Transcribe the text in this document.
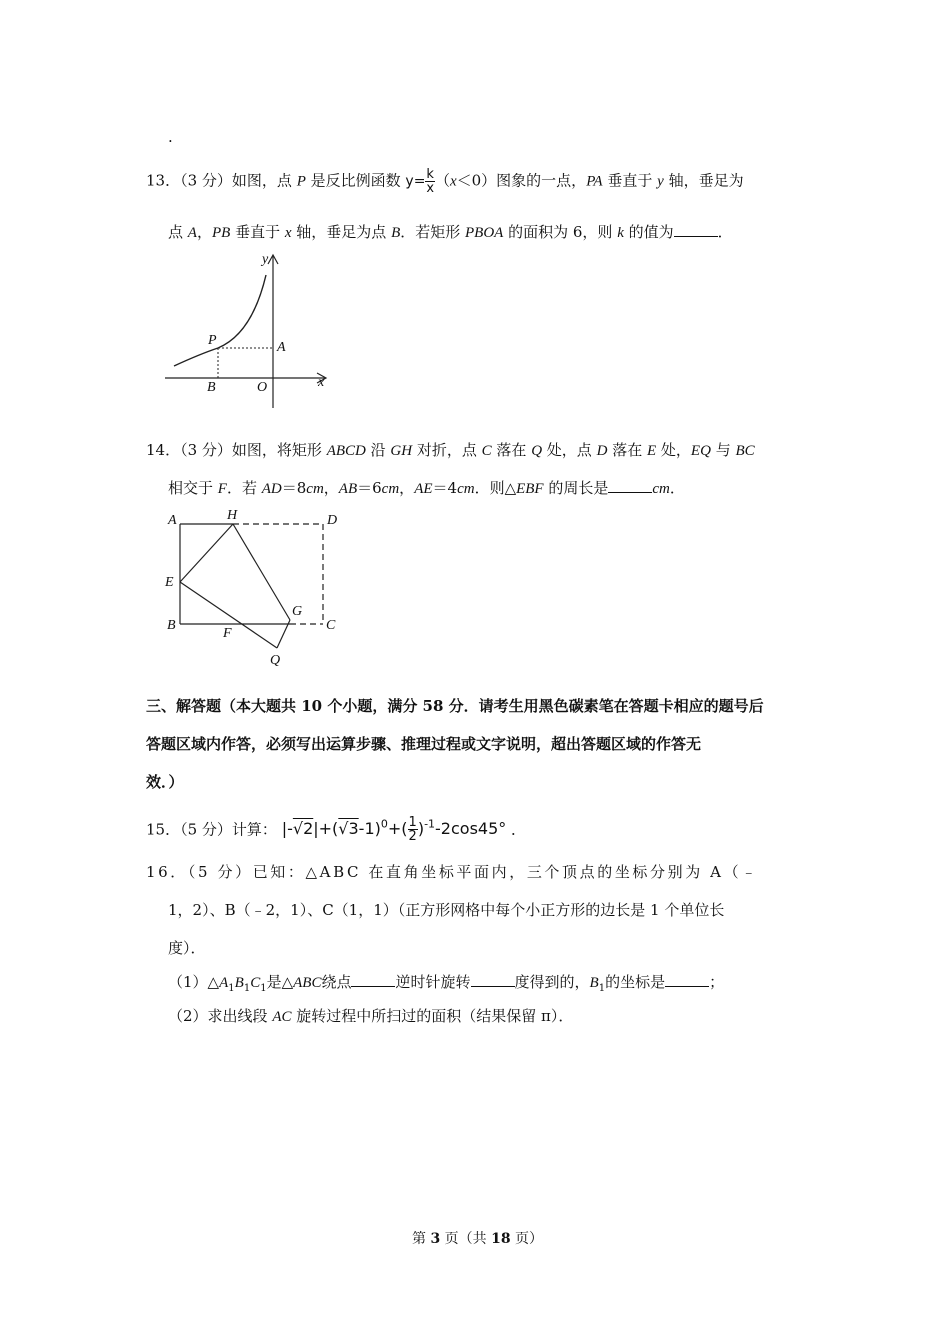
.
13．（3 分）如图，点 P 是反比例函数 $y= \frac{k}{x} (x<0)$图象的一点，PA 垂直于 y 轴，垂足为
点 A，PB 垂直于 x 轴，垂足为点 B．若矩形 PBOA 的面积为 6，则 k 的值为	．
y
x
P	A
B	O
14．（3 分）如图，将矩形 ABCD 沿 GH 对折，点 C 落在 Q 处，点 D 落在 E 处，EQ 与 BC
相交于 F．若 AD＝8cm，AB＝6cm，AE＝4cm．则△EBF 的周长是	cm．
A	H	D
E
G
B
F
C
Q
三、解答题（本大题共 10 个小题，满分 58 分．请考生用黑色碳素笔在答题卡相应的题号后
答题区域内作答，必须写出运算步骤、推理过程或文字说明，超出答题区域的作答无
效．）
15．（5 分）计算： $|-√2|+(√3-1)^0+( \frac{1}{2} )^{-1}-2\cos 45^\circ$ ．
16．（5 分）已知：△ABC 在直角坐标平面内，三个顶点的坐标分别为 A（﹣
1，2）、B（﹣2，1）、C（1，1）（正方形网格中每个小正方形的边长是 1 个单位长
度）．
$(1)\triangle A_1B_1C_1$是△ABC绕点	逆时针旋转	度得到的，$B_1$的坐标是	；
（2）求出线段 AC 旋转过程中所扫过的面积（结果保留 π）．
第 3 页（共 18 页）
